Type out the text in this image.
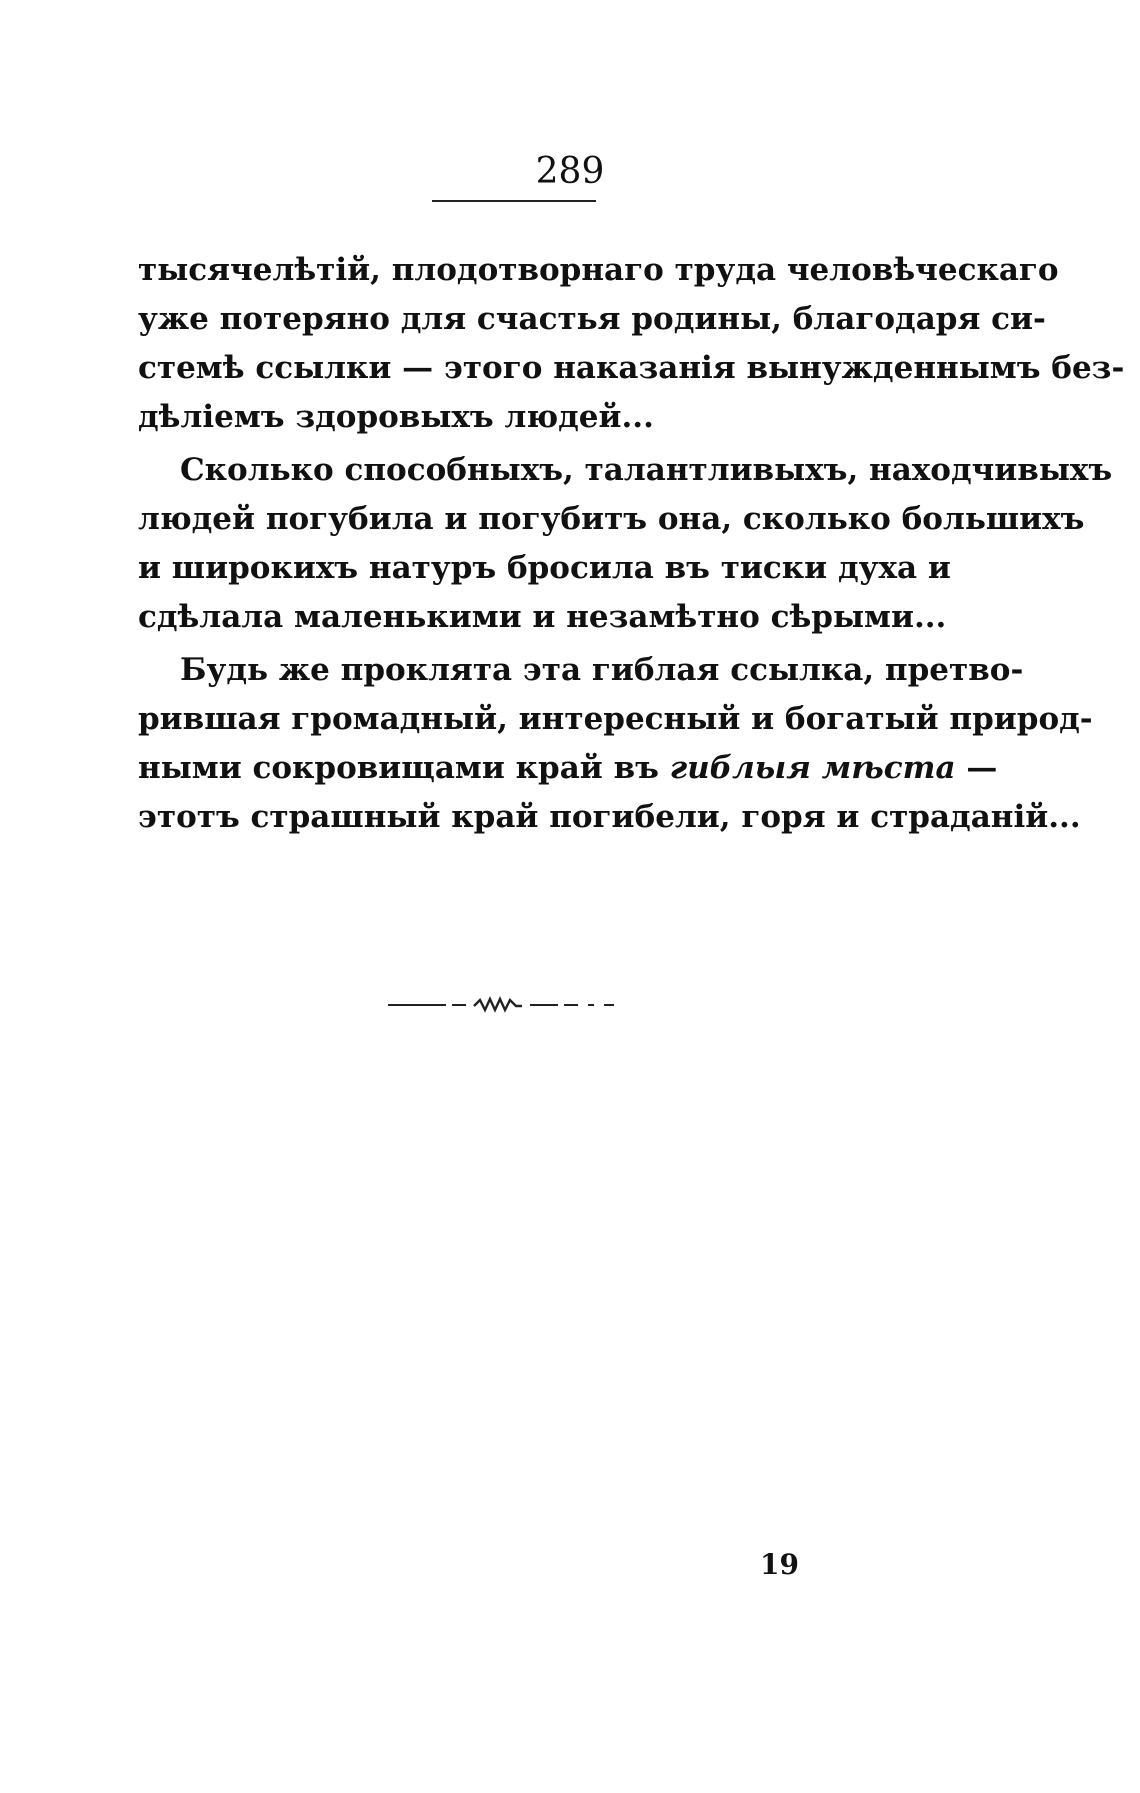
289
тысячелѣтій, плодотворнаго труда человѣческаго
уже потеряно для счастья родины, благодаря си-
стемѣ ссылки — этого наказанія вынужденнымъ без-
дѣліемъ здоровыхъ людей...
Сколько способныхъ, талантливыхъ, находчивыхъ
людей погубила и погубитъ она, сколько большихъ
и широкихъ натуръ бросила въ тиски духа и
сдѣлала маленькими и незамѣтно сѣрыми...
Будь же проклята эта гиблая ссылка, претво-
рившая громадный, интересный и богатый природ-
ными сокровищами край въ гиблыя мѣста —
этотъ страшный край погибели, горя и страданій...
19
